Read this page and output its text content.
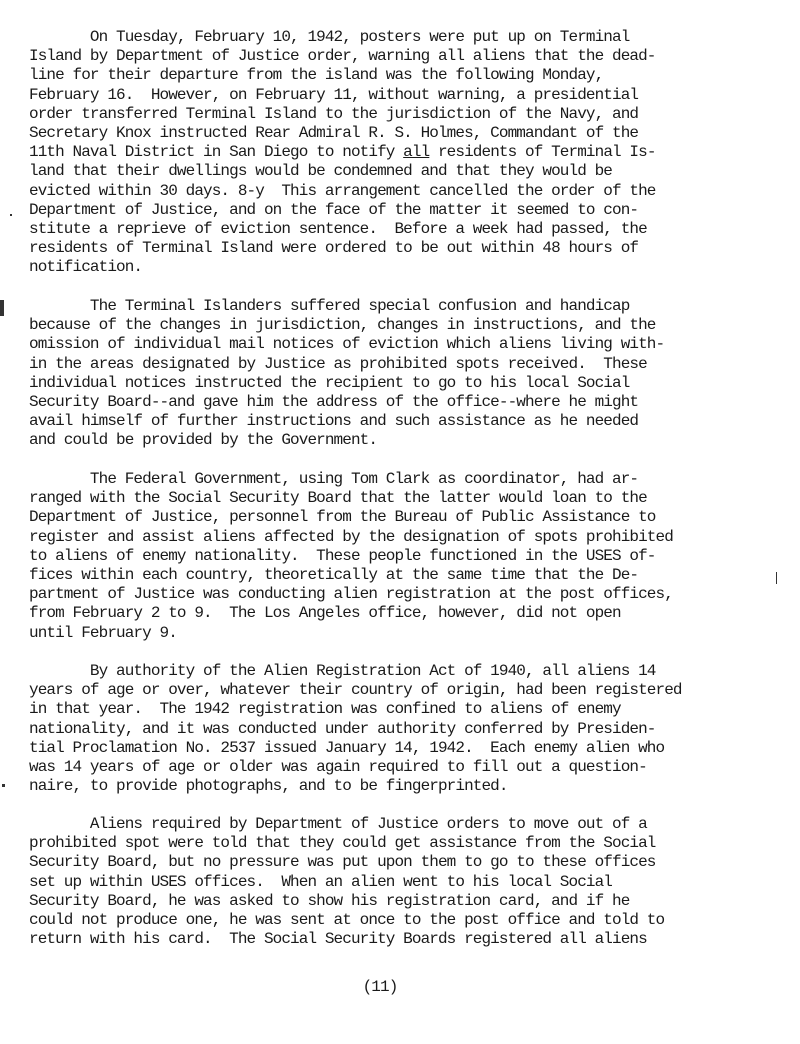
On Tuesday, February 10, 1942, posters were put up on Terminal
Island by Department of Justice order, warning all aliens that the dead-
line for their departure from the island was the following Monday,
February 16.  However, on February 11, without warning, a presidential
order transferred Terminal Island to the jurisdiction of the Navy, and
Secretary Knox instructed Rear Admiral R. S. Holmes, Commandant of the
11th Naval District in San Diego to notify all residents of Terminal Is-
land that their dwellings would be condemned and that they would be
evicted within 30 days. 8-y  This arrangement cancelled the order of the
Department of Justice, and on the face of the matter it seemed to con-
stitute a reprieve of eviction sentence.  Before a week had passed, the
residents of Terminal Island were ordered to be out within 48 hours of
notification.
The Terminal Islanders suffered special confusion and handicap
because of the changes in jurisdiction, changes in instructions, and the
omission of individual mail notices of eviction which aliens living with-
in the areas designated by Justice as prohibited spots received.  These
individual notices instructed the recipient to go to his local Social
Security Board--and gave him the address of the office--where he might
avail himself of further instructions and such assistance as he needed
and could be provided by the Government.
The Federal Government, using Tom Clark as coordinator, had ar-
ranged with the Social Security Board that the latter would loan to the
Department of Justice, personnel from the Bureau of Public Assistance to
register and assist aliens affected by the designation of spots prohibited
to aliens of enemy nationality.  These people functioned in the USES of-
fices within each country, theoretically at the same time that the De-
partment of Justice was conducting alien registration at the post offices,
from February 2 to 9.  The Los Angeles office, however, did not open
until February 9.
By authority of the Alien Registration Act of 1940, all aliens 14
years of age or over, whatever their country of origin, had been registered
in that year.  The 1942 registration was confined to aliens of enemy
nationality, and it was conducted under authority conferred by Presiden-
tial Proclamation No. 2537 issued January 14, 1942.  Each enemy alien who
was 14 years of age or older was again required to fill out a question-
naire, to provide photographs, and to be fingerprinted.
Aliens required by Department of Justice orders to move out of a
prohibited spot were told that they could get assistance from the Social
Security Board, but no pressure was put upon them to go to these offices
set up within USES offices.  When an alien went to his local Social
Security Board, he was asked to show his registration card, and if he
could not produce one, he was sent at once to the post office and told to
return with his card.  The Social Security Boards registered all aliens
(11)
